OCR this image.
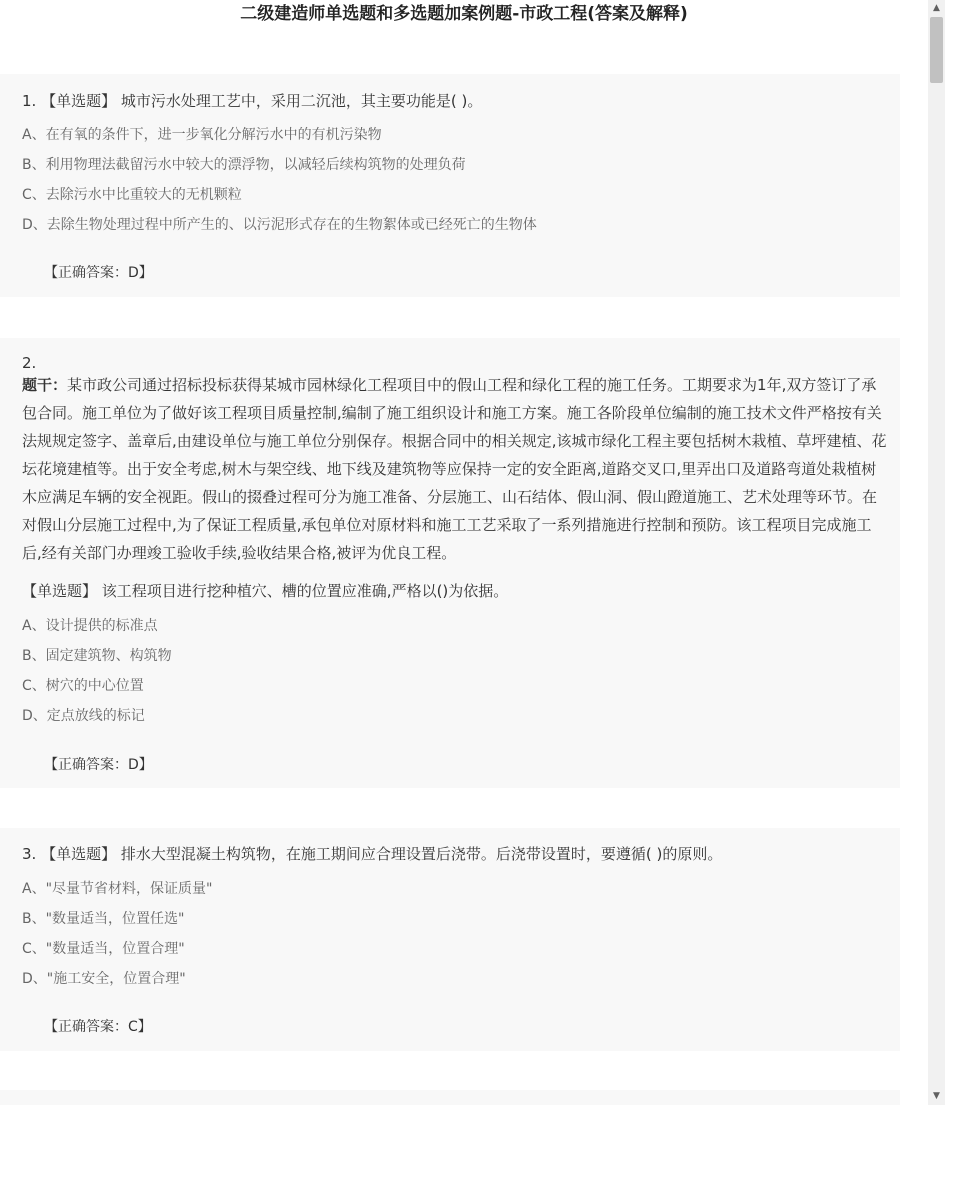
二级建造师单选题和多选题加案例题-市政工程(答案及解释)
1. 【单选题】 城市污水处理工艺中，采用二沉池，其主要功能是( )。
A、在有氧的条件下，进一步氧化分解污水中的有机污染物
B、利用物理法截留污水中较大的漂浮物，以减轻后续构筑物的处理负荷
C、去除污水中比重较大的无机颗粒
D、去除生物处理过程中所产生的、以污泥形式存在的生物絮体或已经死亡的生物体
【正确答案：D】
2.
题干：某市政公司通过招标投标获得某城市园林绿化工程项目中的假山工程和绿化工程的施工任务。工期要求为1年,双方签订了承包合同。施工单位为了做好该工程项目质量控制,编制了施工组织设计和施工方案。施工各阶段单位编制的施工技术文件严格按有关法规规定签字、盖章后,由建设单位与施工单位分别保存。根据合同中的相关规定,该城市绿化工程主要包括树木栽植、草坪建植、花坛花境建植等。出于安全考虑,树木与架空线、地下线及建筑物等应保持一定的安全距离,道路交叉口,里弄出口及道路弯道处栽植树木应满足车辆的安全视距。假山的掇叠过程可分为施工准备、分层施工、山石结体、假山洞、假山蹬道施工、艺术处理等环节。在对假山分层施工过程中,为了保证工程质量,承包单位对原材料和施工工艺采取了一系列措施进行控制和预防。该工程项目完成施工后,经有关部门办理竣工验收手续,验收结果合格,被评为优良工程。
【单选题】 该工程项目进行挖种植穴、槽的位置应准确,严格以()为依据。
A、设计提供的标准点
B、固定建筑物、构筑物
C、树穴的中心位置
D、定点放线的标记
【正确答案：D】
3. 【单选题】 排水大型混凝土构筑物，在施工期间应合理设置后浇带。后浇带设置时，要遵循( )的原则。
A、"尽量节省材料，保证质量"
B、"数量适当，位置任选"
C、"数量适当，位置合理"
D、"施工安全，位置合理"
【正确答案：C】
▲
▼
